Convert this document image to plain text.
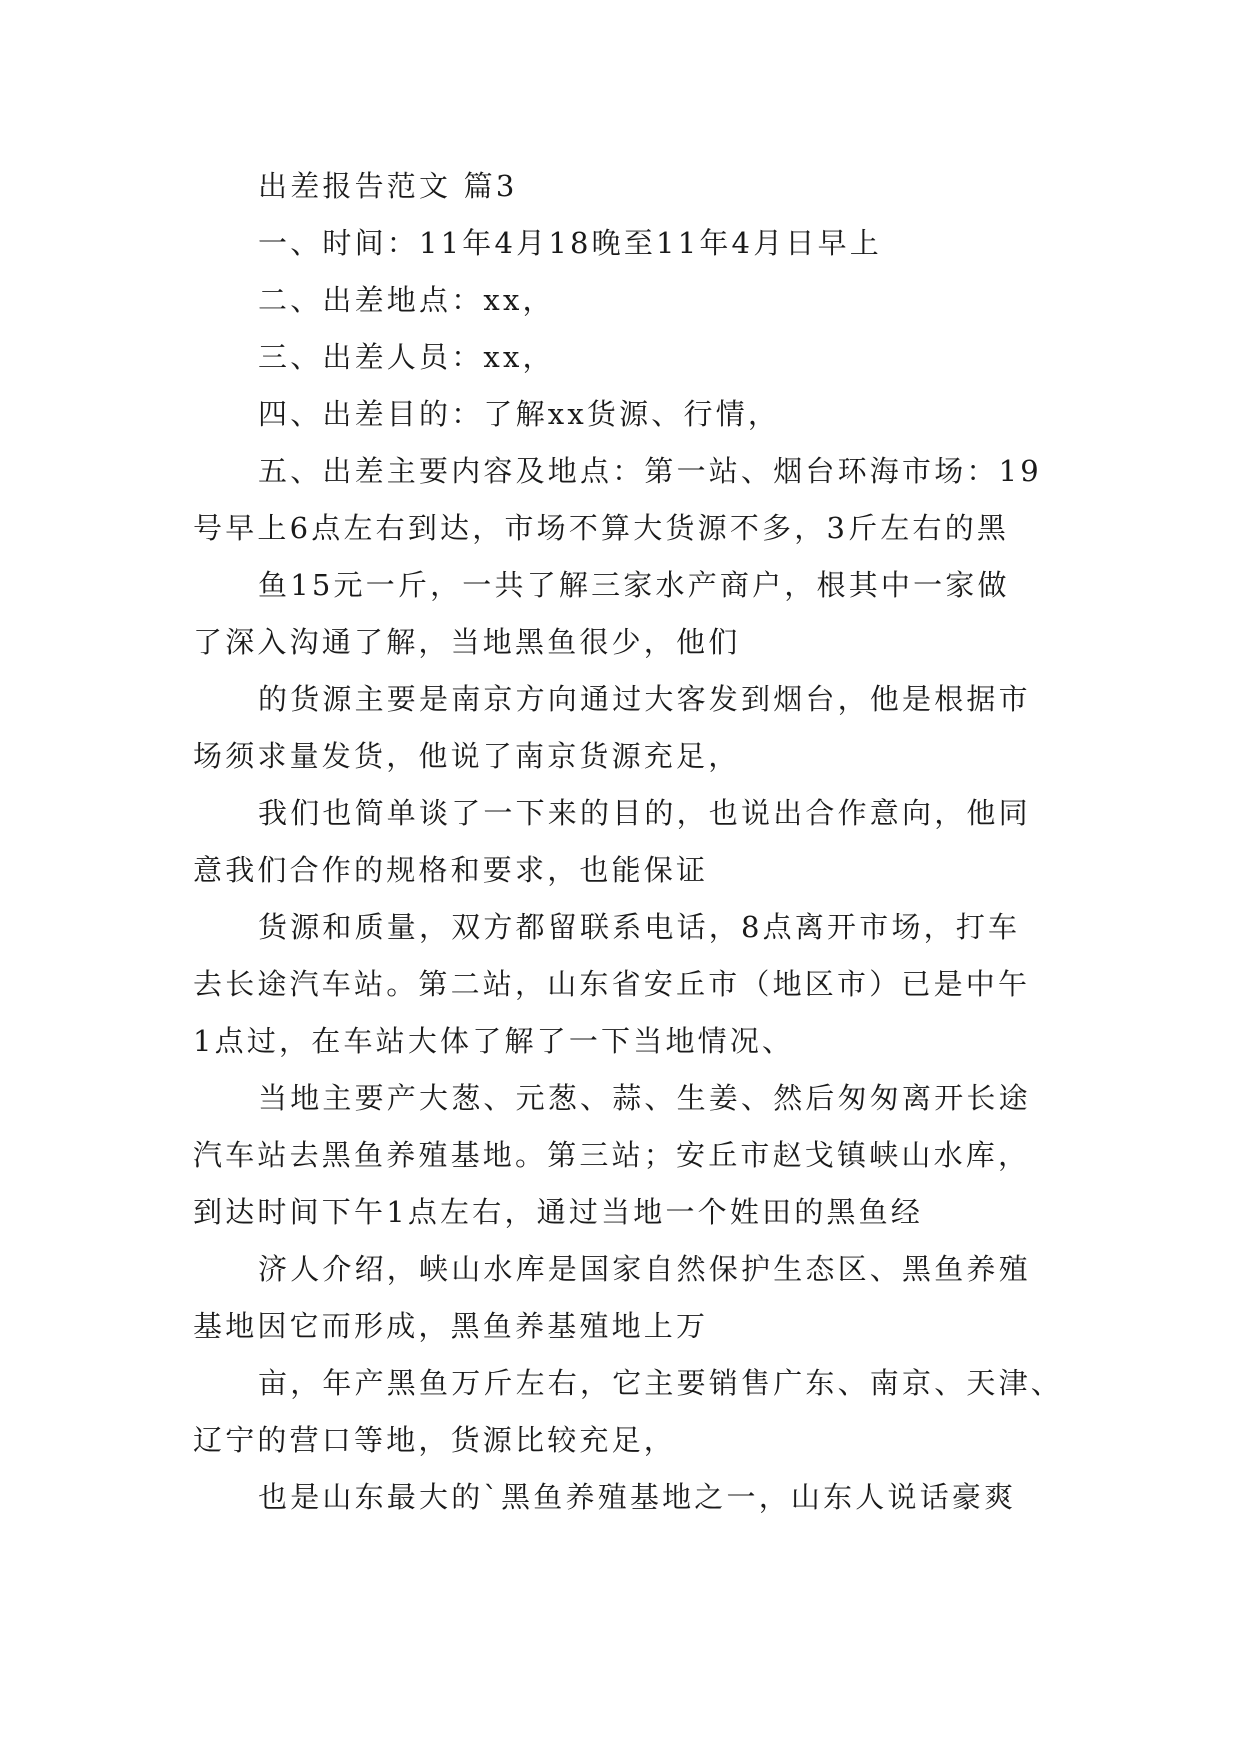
出差报告范文 篇3
一、时间：11年4月18晚至11年4月日早上
二、出差地点：xx，
三、出差人员：xx，
四、出差目的：了解xx货源、行情，
五、出差主要内容及地点：第一站、烟台环海市场：19
号早上6点左右到达，市场不算大货源不多，3斤左右的黑
鱼15元一斤，一共了解三家水产商户，根其中一家做
了深入沟通了解，当地黑鱼很少，他们
的货源主要是南京方向通过大客发到烟台，他是根据市
场须求量发货，他说了南京货源充足，
我们也简单谈了一下来的目的，也说出合作意向，他同
意我们合作的规格和要求，也能保证
货源和质量，双方都留联系电话，8点离开市场，打车
去长途汽车站。第二站，山东省安丘市（地区市）已是中午
1点过，在车站大体了解了一下当地情况、
当地主要产大葱、元葱、蒜、生姜、然后匆匆离开长途
汽车站去黑鱼养殖基地。第三站；安丘市赵戈镇峡山水库，
到达时间下午1点左右，通过当地一个姓田的黑鱼经
济人介绍，峡山水库是国家自然保护生态区、黑鱼养殖
基地因它而形成，黑鱼养基殖地上万
亩，年产黑鱼万斤左右，它主要销售广东、南京、天津、
辽宁的营口等地，货源比较充足，
也是山东最大的`黑鱼养殖基地之一，山东人说话豪爽
